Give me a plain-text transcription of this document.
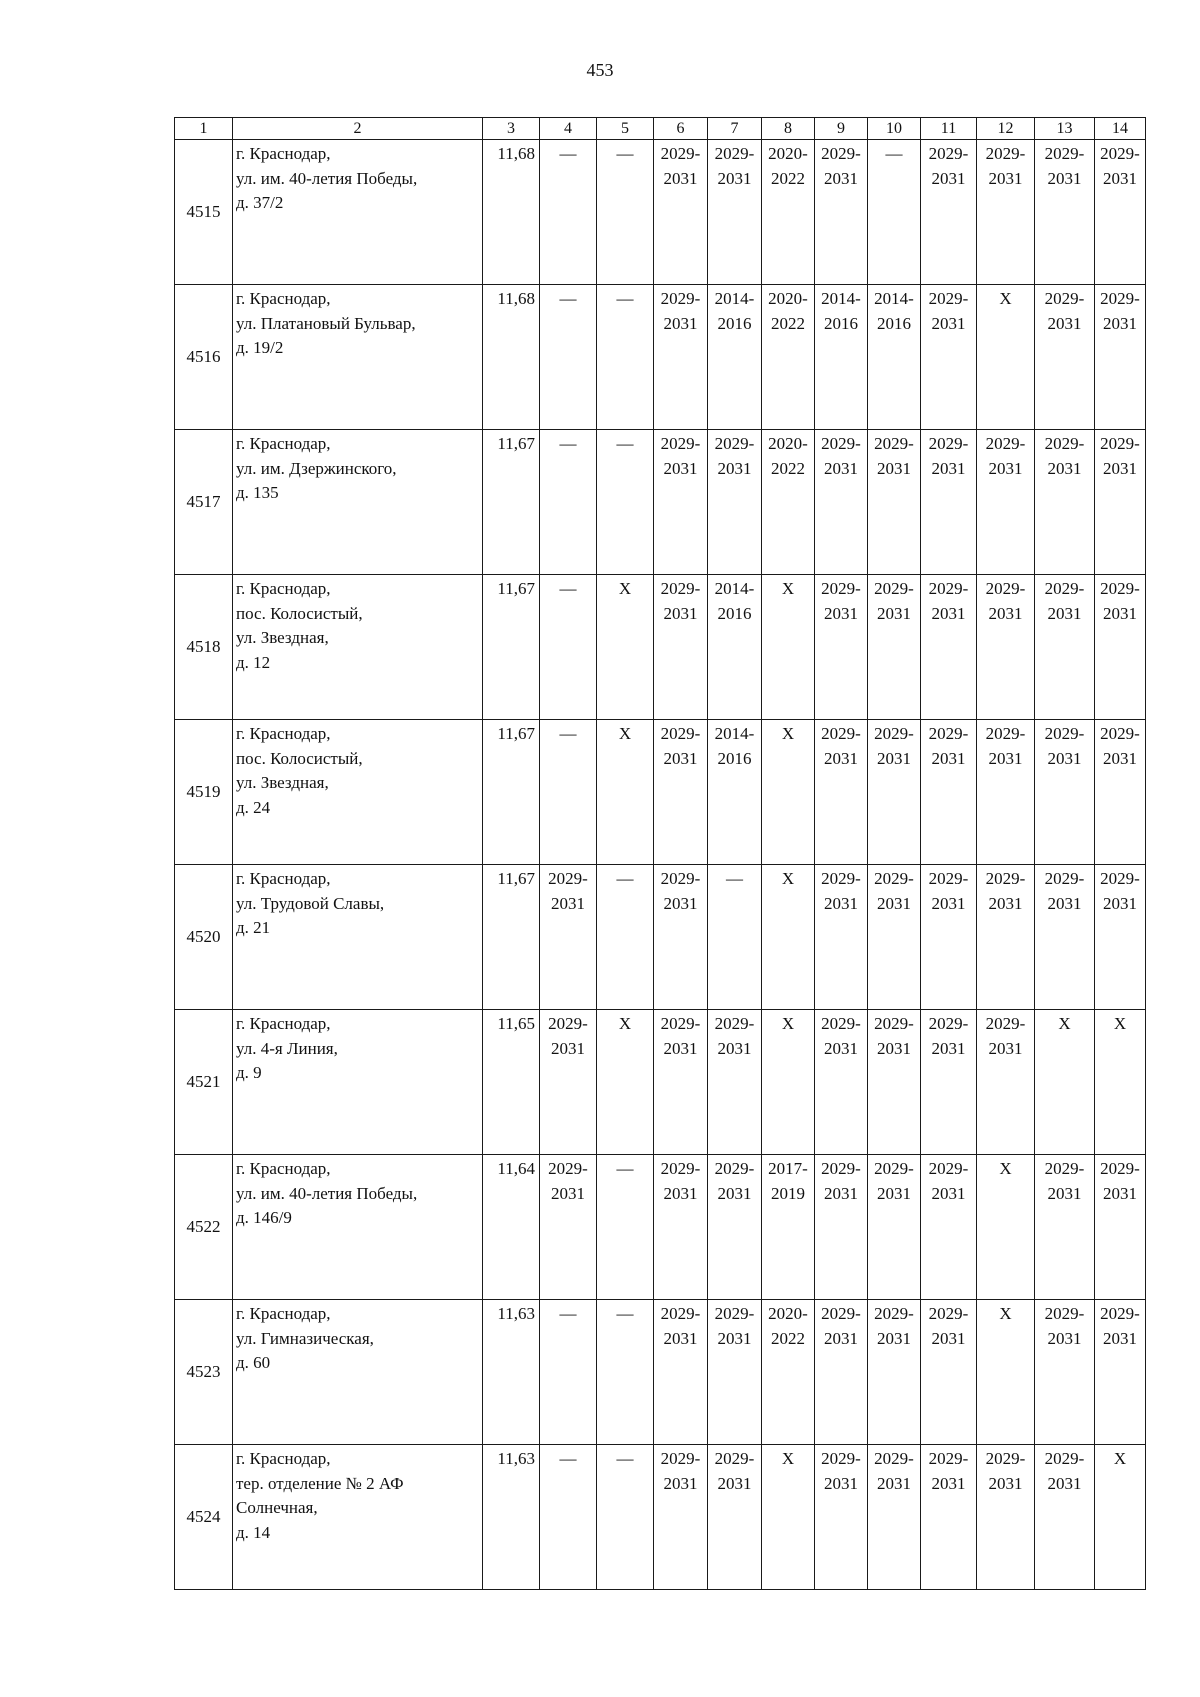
453
1	2	3	4	5	6	7	8	9	10	11	12	13	14

4515	г. Краснодар,
ул. им. 40-летия Победы,
д. 37/2	11,68	—	—	2029-
2031	2029-
2031	2020-
2022	2029-
2031	—	2029-
2031	2029-
2031	2029-
2031	2029-
2031

4516	г. Краснодар,
ул. Платановый Бульвар,
д. 19/2	11,68	—	—	2029-
2031	2014-
2016	2020-
2022	2014-
2016	2014-
2016	2029-
2031	Х	2029-
2031	2029-
2031

4517	г. Краснодар,
ул. им. Дзержинского,
д. 135	11,67	—	—	2029-
2031	2029-
2031	2020-
2022	2029-
2031	2029-
2031	2029-
2031	2029-
2031	2029-
2031	2029-
2031

4518	г. Краснодар,
пос. Колосистый,
ул. Звездная,
д. 12	11,67	—	Х	2029-
2031	2014-
2016	Х	2029-
2031	2029-
2031	2029-
2031	2029-
2031	2029-
2031	2029-
2031

4519	г. Краснодар,
пос. Колосистый,
ул. Звездная,
д. 24	11,67	—	Х	2029-
2031	2014-
2016	Х	2029-
2031	2029-
2031	2029-
2031	2029-
2031	2029-
2031	2029-
2031

4520	г. Краснодар,
ул. Трудовой Славы,
д. 21	11,67	2029-
2031	—	2029-
2031	—	Х	2029-
2031	2029-
2031	2029-
2031	2029-
2031	2029-
2031	2029-
2031

4521	г. Краснодар,
ул. 4-я Линия,
д. 9	11,65	2029-
2031	Х	2029-
2031	2029-
2031	Х	2029-
2031	2029-
2031	2029-
2031	2029-
2031	Х	Х

4522	г. Краснодар,
ул. им. 40-летия Победы,
д. 146/9	11,64	2029-
2031	—	2029-
2031	2029-
2031	2017-
2019	2029-
2031	2029-
2031	2029-
2031	Х	2029-
2031	2029-
2031

4523	г. Краснодар,
ул. Гимназическая,
д. 60	11,63	—	—	2029-
2031	2029-
2031	2020-
2022	2029-
2031	2029-
2031	2029-
2031	Х	2029-
2031	2029-
2031

4524	г. Краснодар,
тер. отделение № 2 АФ
Солнечная,
д. 14	11,63	—	—	2029-
2031	2029-
2031	Х	2029-
2031	2029-
2031	2029-
2031	2029-
2031	2029-
2031	Х
